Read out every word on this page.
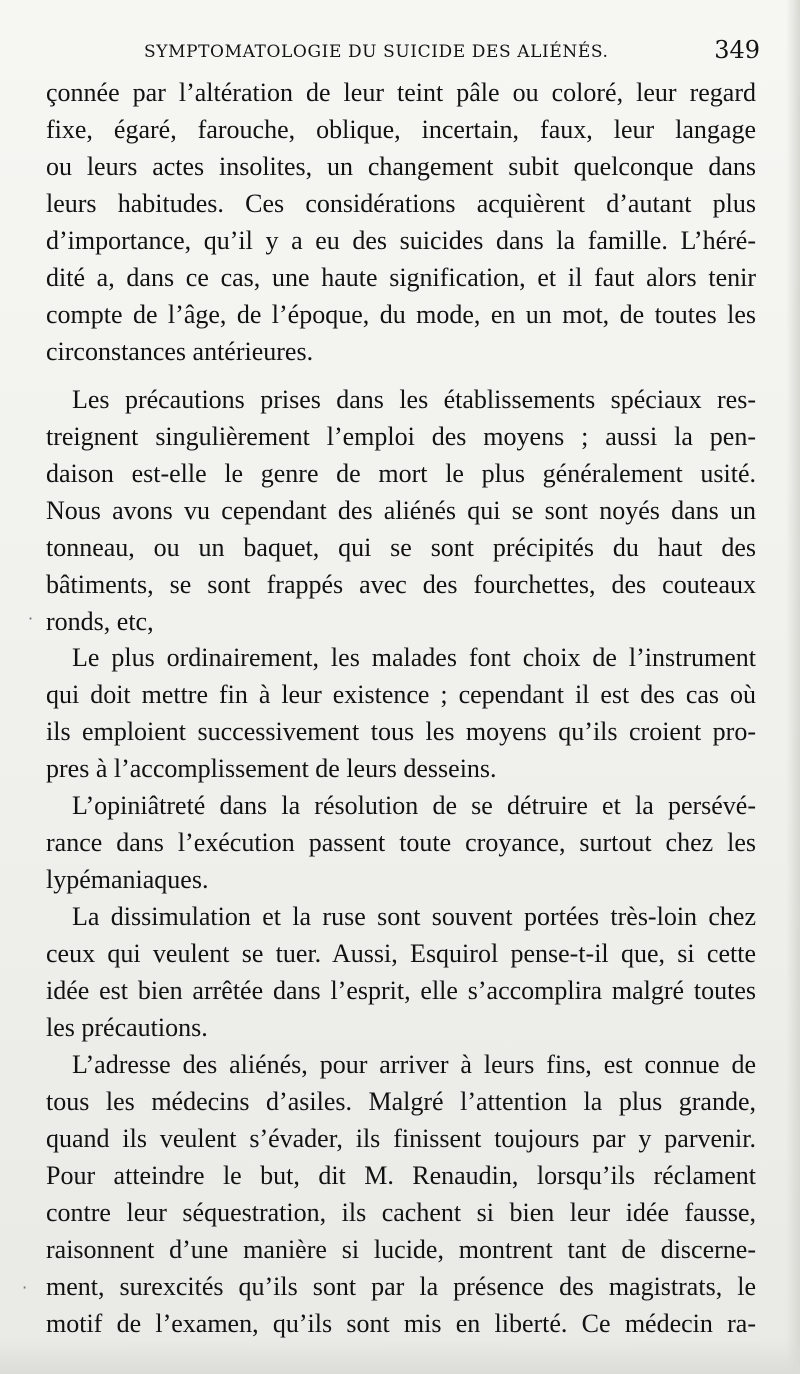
SYMPTOMATOLOGIE DU SUICIDE DES ALIÉNÉS.	349
çonnée par l’altération de leur teint pâle ou coloré, leur regard
fixe, égaré, farouche, oblique, incertain, faux, leur langage
ou leurs actes insolites, un changement subit quelconque dans
leurs habitudes. Ces considérations acquièrent d’autant plus
d’importance, qu’il y a eu des suicides dans la famille. L’héré-
dité a, dans ce cas, une haute signification, et il faut alors tenir
compte de l’âge, de l’époque, du mode, en un mot, de toutes les
circonstances antérieures.
Les précautions prises dans les établissements spéciaux res-
treignent singulièrement l’emploi des moyens ; aussi la pen-
daison est-elle le genre de mort le plus généralement usité.
Nous avons vu cependant des aliénés qui se sont noyés dans un
tonneau, ou un baquet, qui se sont précipités du haut des
bâtiments, se sont frappés avec des fourchettes, des couteaux
ronds, etc,
Le plus ordinairement, les malades font choix de l’instrument
qui doit mettre fin à leur existence ; cependant il est des cas où
ils emploient successivement tous les moyens qu’ils croient pro-
pres à l’accomplissement de leurs desseins.
L’opiniâtreté dans la résolution de se détruire et la persévé-
rance dans l’exécution passent toute croyance, surtout chez les
lypémaniaques.
La dissimulation et la ruse sont souvent portées très-loin chez
ceux qui veulent se tuer. Aussi, Esquirol pense-t-il que, si cette
idée est bien arrêtée dans l’esprit, elle s’accomplira malgré toutes
les précautions.
L’adresse des aliénés, pour arriver à leurs fins, est connue de
tous les médecins d’asiles. Malgré l’attention la plus grande,
quand ils veulent s’évader, ils finissent toujours par y parvenir.
Pour atteindre le but, dit M. Renaudin, lorsqu’ils réclament
contre leur séquestration, ils cachent si bien leur idée fausse,
raisonnent d’une manière si lucide, montrent tant de discerne-
ment, surexcités qu’ils sont par la présence des magistrats, le
motif de l’examen, qu’ils sont mis en liberté. Ce médecin ra-
·
·
